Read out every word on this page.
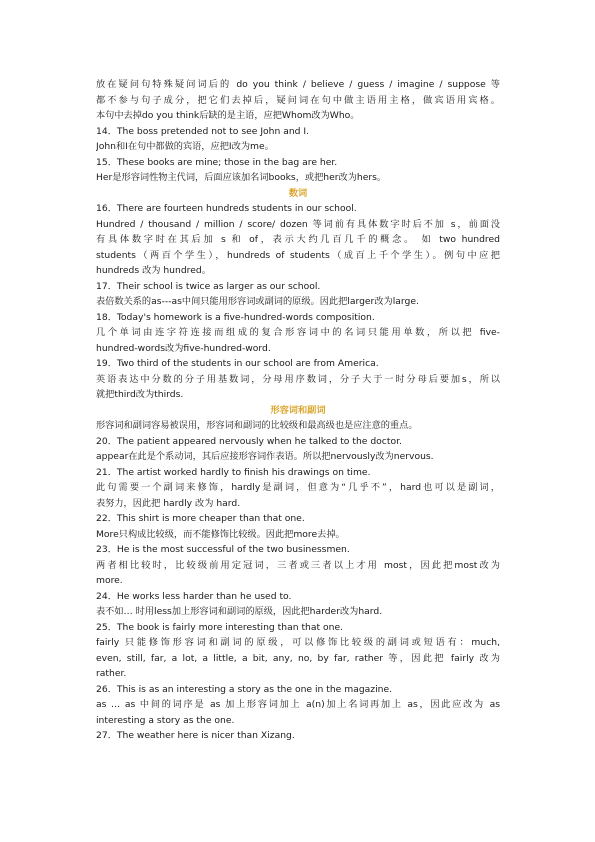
放在疑问句特殊疑问词后的 do you think / believe / guess / imagine / suppose 等
都不参与句子成分，把它们去掉后，疑问词在句中做主语用主格，做宾语用宾格。
本句中去掉do you think后缺的是主语，应把Whom改为Who。
14．The boss pretended not to see John and I.
John和I在句中都做的宾语，应把I改为me。
15．These books are mine; those in the bag are her.
Her是形容词性物主代词，后面应该加名词books，或把her改为hers。
数词
16．There are fourteen hundreds students in our school.
Hundred / thousand / million / score/ dozen 等词前有具体数字时后不加 s，前面没
有具体数字时在其后加 s 和 of，表示大约几百几千的概念。 如 two hundred
students（两百个学生），hundreds of students（成百上千个学生）。例句中应把
hundreds 改为 hundred。
17．Their school is twice as larger as our school.
表倍数关系的as---as中间只能用形容词或副词的原级。因此把larger改为large.
18．Today's homework is a five-hundred-words composition.
几个单词由连字符连接而组成的复合形容词中的名词只能用单数，所以把 five-
hundred-words改为five-hundred-word.
19．Two third of the students in our school are from America.
英语表达中分数的分子用基数词，分母用序数词，分子大于一时分母后要加s，所以
就把third改为thirds.
形容词和副词
形容词和副词容易被误用，形容词和副词的比较级和最高级也是应注意的重点。
20．The patient appeared nervously when he talked to the doctor.
appear在此是个系动词，其后应接形容词作表语。所以把nervously改为nervous.
21．The artist worked hardly to finish his drawings on time.
此句需要一个副词来修饰，hardly是副词，但意为“几乎不”，hard也可以是副词，
表努力，因此把 hardly 改为 hard.
22．This shirt is more cheaper than that one.
More只构成比较级，而不能修饰比较级。因此把more去掉。
23．He is the most successful of the two businessmen.
两者相比较时，比较级前用定冠词，三者或三者以上才用 most，因此把most改为
more.
24．He works less harder than he used to.
表不如… 时用less加上形容词和副词的原级，因此把harder改为hard.
25．The book is fairly more interesting than that one.
fairly 只能修饰形容词和副词的原级，可以修饰比较级的副词或短语有：much,
even, still, far, a lot, a little, a bit, any, no, by far, rather 等，因此把 fairly 改为
rather.
26．This is as an interesting a story as the one in the magazine.
as … as 中间的词序是 as 加上形容词加上 a(n)加上名词再加上 as，因此应改为 as
interesting a story as the one.
27．The weather here is nicer than Xizang.
